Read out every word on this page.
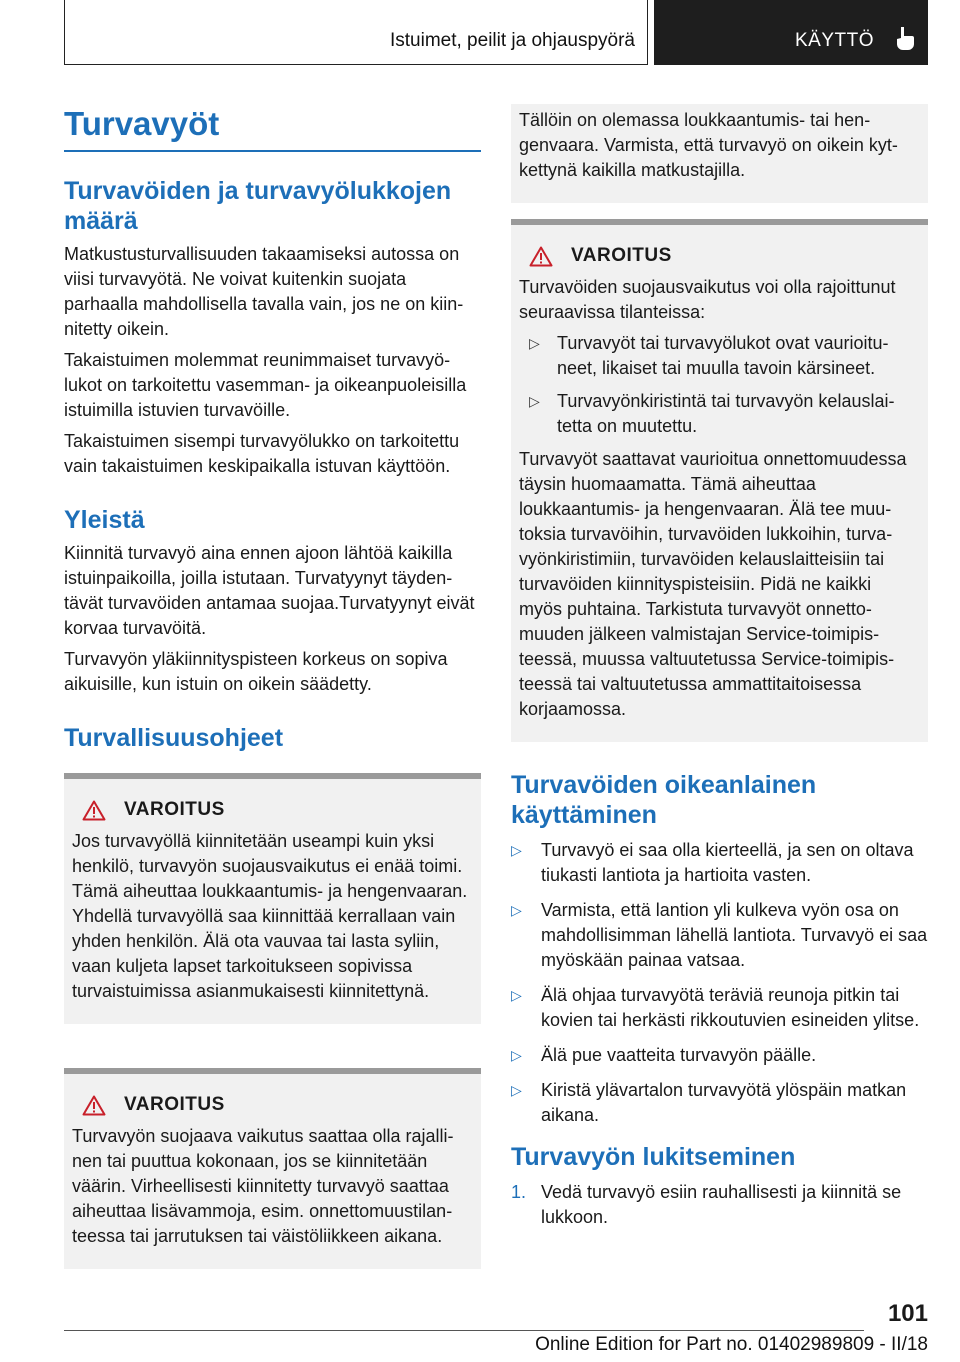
Istuimet, peilit ja ohjauspyörä	KÄYTTÖ
Turvavyöt
Turvavöiden ja turvavyölukkojen määrä

Matkustusturvallisuuden takaamiseksi autossa on viisi turvavyötä. Ne voivat kuitenkin suojata parhaalla mahdollisella tavalla vain, jos ne on kiinnitetty oikein.

Takaistuimen molemmat reunimmaiset turvavyölukot on tarkoitettu vasemman- ja oikeanpuoleisilla istuimilla istuvien turvavöille.

Takaistuimen sisempi turvavyölukko on tarkoitettu vain takaistuimen keskipaikalla istuvan käyttöön.

Yleistä

Kiinnitä turvavyö aina ennen ajoon lähtöä kaikilla istuinpaikoilla, joilla istutaan. Turvatyynyt täydentävät turvavöiden antamaa suojaa.Turvatyynyt eivät korvaa turvavöitä.

Turvavyön yläkiinnityspisteen korkeus on sopiva aikuisille, kun istuin on oikein säädetty.

Turvallisuusohjeet
VAROITUS

Jos turvavyöllä kiinnitetään useampi kuin yksi henkilö, turvavyön suojausvaikutus ei enää toimi. Tämä aiheuttaa loukkaantumis- ja hengenvaaran. Yhdellä turvavyöllä saa kiinnittää kerrallaan vain yhden henkilön. Älä ota vauvaa tai lasta syliin, vaan kuljeta lapset tarkoitukseen sopivissa turvaistuimissa asianmukaisesti kiinnitettynä.

VAROITUS

Turvavyön suojaava vaikutus saattaa olla rajallinen tai puuttua kokonaan, jos se kiinnitetään väärin. Virheellisesti kiinnitetty turvavyö saattaa aiheuttaa lisävammoja, esim. onnettomuustilanteessa tai jarrutuksen tai väistöliikkeen aikana.

Tällöin on olemassa loukkaantumis- tai hengenvaara. Varmista, että turvavyö on oikein kytkettynä kaikilla matkustajilla.

VAROITUS

Turvavöiden suojausvaikutus voi olla rajoittunut seuraavissa tilanteissa:

▷ Turvavyöt tai turvavyölukot ovat vaurioituneet, likaiset tai muulla tavoin kärsineet.
▷ Turvavyönkiristintä tai turvavyön kelauslaitetta on muutettu.

Turvavyöt saattavat vaurioitua onnettomuudessa täysin huomaamatta. Tämä aiheuttaa loukkaantumis- ja hengenvaaran. Älä tee muutoksia turvavöihin, turvavöiden lukkoihin, turvavyönkiristimiin, turvavöiden kelauslaitteisiin tai turvavöiden kiinnityspisteisiin. Pidä ne kaikki myös puhtaina. Tarkistuta turvavyöt onnettomuuden jälkeen valmistajan Service-toimipisteessä, muussa valtuutetussa Service-toimipisteessä tai valtuutetussa ammattitaitoisessa korjaamossa.

Turvavöiden oikeanlainen käyttäminen
▷ Turvavyö ei saa olla kierteellä, ja sen on oltava tiukasti lantiota ja hartioita vasten.
▷ Varmista, että lantion yli kulkeva vyön osa on mahdollisimman lähellä lantiota. Turvavyö ei saa myöskään painaa vatsaa.
▷ Älä ohjaa turvavyötä teräviä reunoja pitkin tai kovien tai herkästi rikkoutuvien esineiden ylitse.
▷ Älä pue vaatteita turvavyön päälle.
▷ Kiristä ylävartalon turvavyötä ylöspäin matkan aikana.
Turvavyön lukitseminen
1. Vedä turvavyö esiin rauhallisesti ja kiinnitä se lukkoon.
101
Online Edition for Part no. 01402989809 - II/18
